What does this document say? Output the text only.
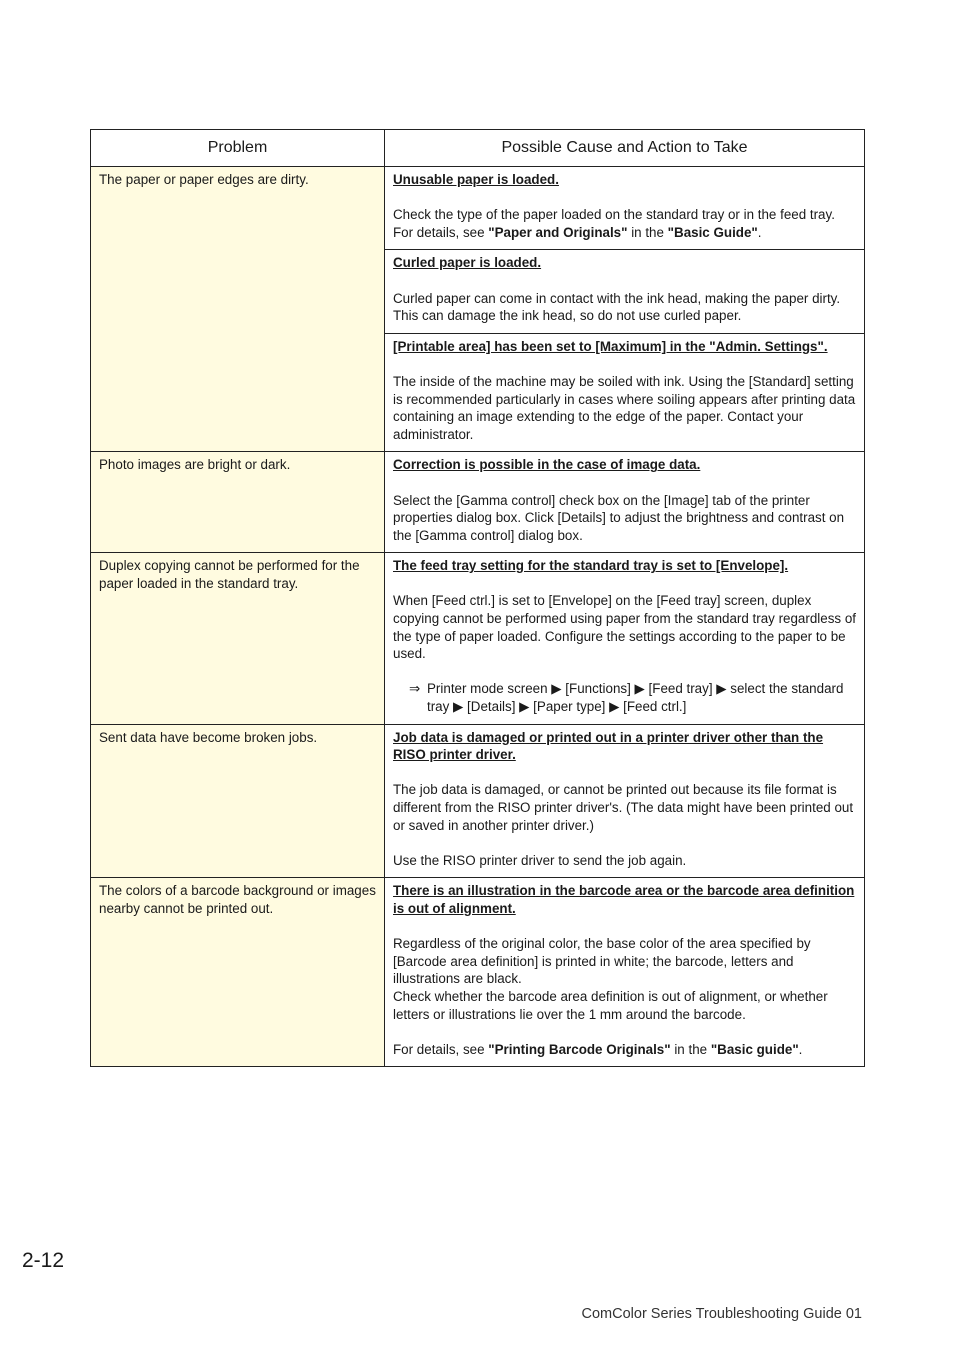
Problem	Possible Cause and Action to Take
The paper or paper edges are dirty.	Unusable paper is loaded.

Check the type of the paper loaded on the standard tray or in the feed tray. For details, see "Paper and Originals" in the "Basic Guide".

	Curled paper is loaded.

Curled paper can come in contact with the ink head, making the paper dirty. This can damage the ink head, so do not use curled paper.

	[Printable area] has been set to [Maximum] in the "Admin. Settings".

The inside of the machine may be soiled with ink. Using the [Standard] setting is recommended particularly in cases where soiling appears after printing data containing an image extending to the edge of the paper. Contact your administrator.

Photo images are bright or dark.	Correction is possible in the case of image data.

Select the [Gamma control] check box on the [Image] tab of the printer properties dialog box. Click [Details] to adjust the brightness and contrast on the [Gamma control] dialog box.

Duplex copying cannot be performed for the paper loaded in the standard tray.	The feed tray setting for the standard tray is set to [Envelope].

When [Feed ctrl.] is set to [Envelope] on the [Feed tray] screen, duplex copying cannot be performed using paper from the standard tray regardless of the type of paper loaded. Configure the settings according to the paper to be used.

⇒ Printer mode screen ▶ [Functions] ▶ [Feed tray] ▶ select the standard tray ▶ [Details] ▶ [Paper type] ▶ [Feed ctrl.]

Sent data have become broken jobs.	Job data is damaged or printed out in a printer driver other than the RISO printer driver.

The job data is damaged, or cannot be printed out because its file format is different from the RISO printer driver's. (The data might have been printed out or saved in another printer driver.)

Use the RISO printer driver to send the job again.

The colors of a barcode background or images nearby cannot be printed out.	There is an illustration in the barcode area or the barcode area definition is out of alignment.

Regardless of the original color, the base color of the area specified by [Barcode area definition] is printed in white; the barcode, letters and illustrations are black.
Check whether the barcode area definition is out of alignment, or whether letters or illustrations lie over the 1 mm around the barcode.

For details, see "Printing Barcode Originals" in the "Basic guide".

2-12
ComColor Series Troubleshooting Guide 01
